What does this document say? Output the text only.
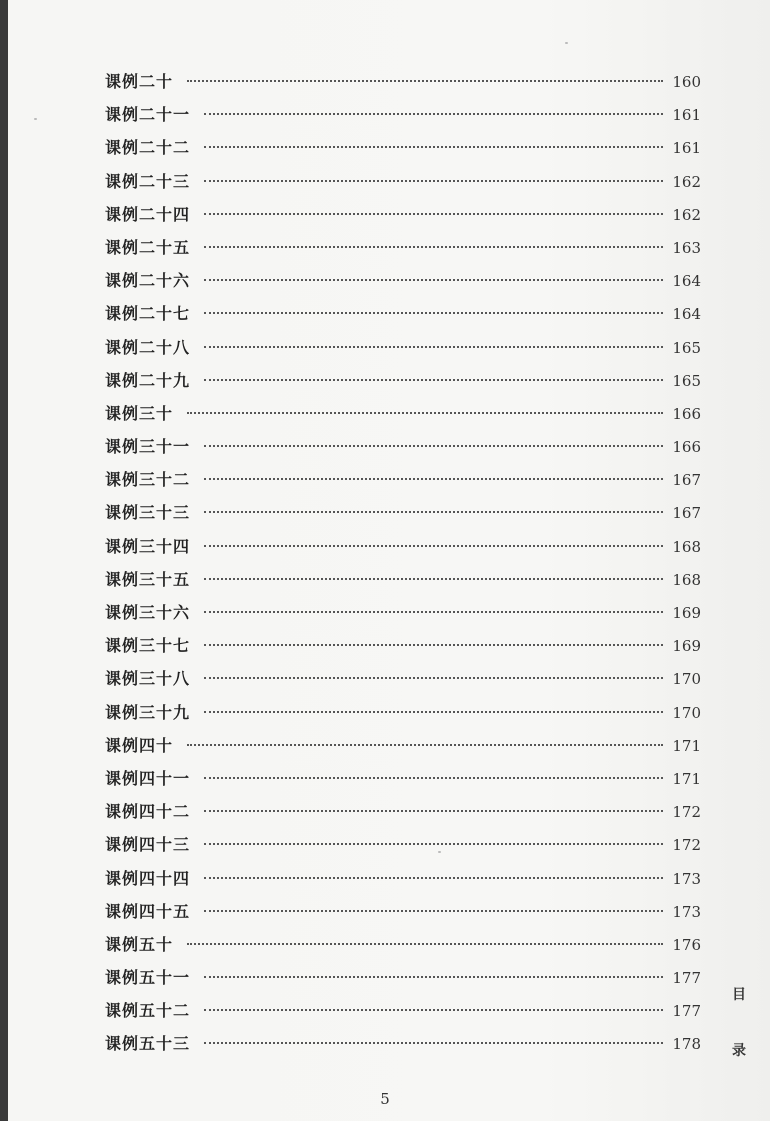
课例二十	160
课例二十一	161
课例二十二	161
课例二十三	162
课例二十四	162
课例二十五	163
课例二十六	164
课例二十七	164
课例二十八	165
课例二十九	165
课例三十	166
课例三十一	166
课例三十二	167
课例三十三	167
课例三十四	168
课例三十五	168
课例三十六	169
课例三十七	169
课例三十八	170
课例三十九	170
课例四十	171
课例四十一	171
课例四十二	172
课例四十三	172
课例四十四	173
课例四十五	173
课例五十	176
课例五十一	177
课例五十二	177
课例五十三	178
目
录
5
